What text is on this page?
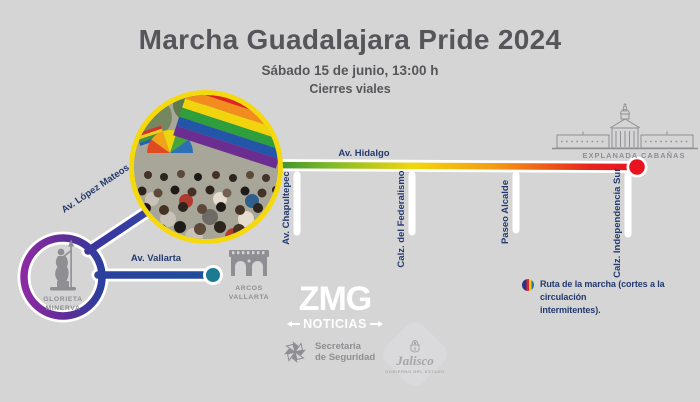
Marcha Guadalajara Pride 2024
Sábado 15 de junio, 13:00 h
Cierres viales
GLORIETA
MINERVA
ARCOS
VALLARTA
EXPLANADA CABAÑAS
Av. Hidalgo
Av. Vallarta
Av. López Mateos	Av. Chapultepec	Calz. del Federalismo	Paseo Alcalde	Calz. Independencia Sur
ZMG
NOTICIAS
Secretaría
de Seguridad Jalisco
GOBIERNO DEL ESTADO
Ruta de la marcha (cortes a la circulación
intermitentes).
